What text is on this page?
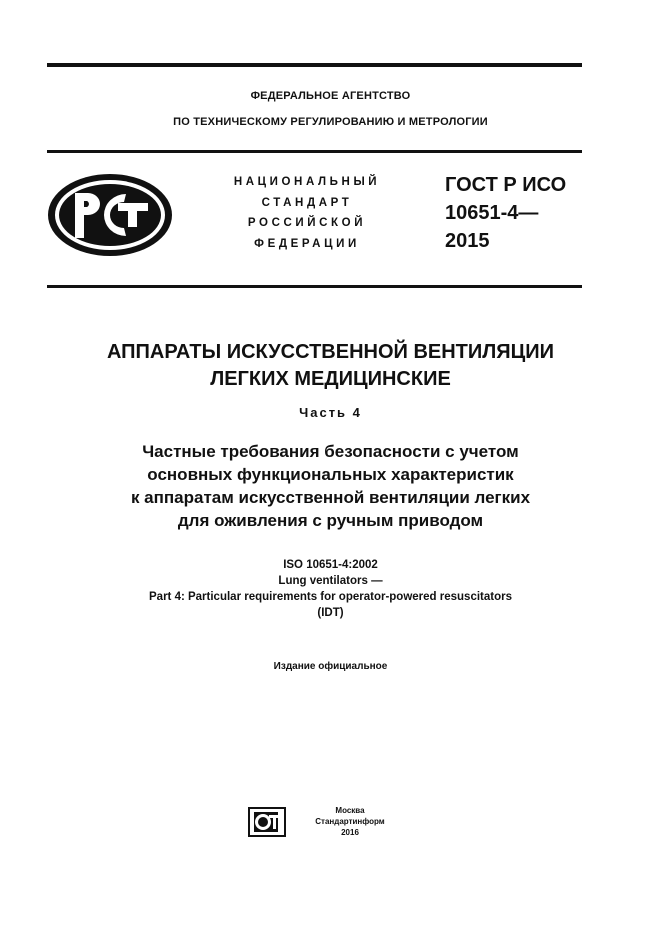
ФЕДЕРАЛЬНОЕ АГЕНТСТВО
ПО ТЕХНИЧЕСКОМУ РЕГУЛИРОВАНИЮ И МЕТРОЛОГИИ
НАЦИОНАЛЬНЫЙ
СТАНДАРТ
РОССИЙСКОЙ
ФЕДЕРАЦИИ
ГОСТ Р ИСО
10651-4—
2015
АППАРАТЫ ИСКУССТВЕННОЙ ВЕНТИЛЯЦИИ
ЛЕГКИХ МЕДИЦИНСКИЕ
Часть 4
Частные требования безопасности с учетом
основных функциональных характеристик
к аппаратам искусственной вентиляции легких
для оживления с ручным приводом
ISO 10651-4:2002
Lung ventilators —
Part 4: Particular requirements for operator-powered resuscitators
(IDT)
Издание официальное
Москва
Стандартинформ
2016
